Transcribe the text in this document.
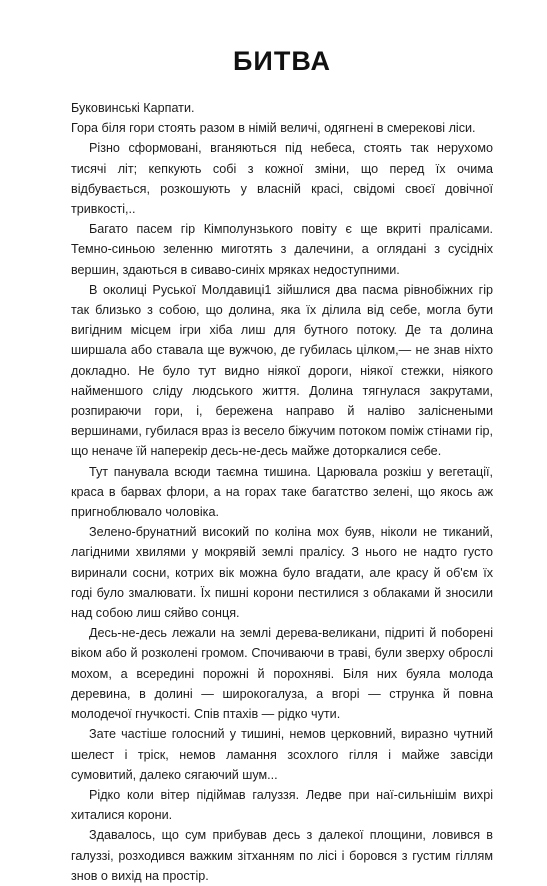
БИТВА

Буковинські Карпати.

Гора біля гори стоять разом в німій величі, одягнені в смерекові ліси.

Різно сформовані, вганяються під небеса, стоять так нерухомо тисячі літ; кепкують собі з кожної зміни, що перед їх очима відбувається, розкошують у власній красі, свідомі своєї довічної тривкості,..

Багато пасем гір Кімполунзького повіту є ще вкриті пралісами. Темно-синьою зеленню миготять з далечини, а оглядані з сусідніх вершин, здаються в сиваво-синіх мряках недоступними.

В околиці Руської Молдавиці1 зійшлися два пасма рівнобіжних гір так близько з собою, що долина, яка їх ділила від себе, могла бути вигідним місцем ігри хіба лиш для бутного потоку. Де та долина ширшала або ставала ще вужчою, де губилась цілком,— не знав ніхто докладно. Не було тут видно ніякої дороги, ніякої стежки, ніякого найменшого сліду людського життя. Долина тягнулася закрутами, розпираючи гори, і, бережена направо й наліво заліснеными вершинами, губилася враз із весело біжучим потоком поміж стінами гір, що неначе їй наперекір десь-не-десь майже доторкалися себе.

Тут панувала всюди таємна тишина. Царювала розкіш у вегетації, краса в барвах флори, а на горах таке багатство зелені, що якось аж пригноблювало чоловіка.

Зелено-брунатний високий по коліна мох буяв, ніколи не тиканий, лагідними хвилями у мокрявій землі пралісу. З нього не надто густо виринали сосни, котрих вік можна було вгадати, але красу й об'єм їх годі було змалювати. Їх пишні корони пестилися з облаками й зносили над собою лиш сяйво сонця.

Десь-не-десь лежали на землі дерева-великани, підриті й поборені віком або й розколені громом. Спочиваючи в траві, були зверху оброслі мохом, а всередині порожні й порохняві. Біля них буяла молода деревина, в долині — широкогалуза, а вгорі — струнка й повна молодечої гнучкості. Спів птахів — рідко чути.

Зате частіше голосний у тишині, немов церковний, виразно чутний шелест і тріск, немов ламання зсохлого гілля і майже завсіди сумовитий, далеко сягаючий шум...

Рідко коли вітер підіймав галуззя. Ледве при наї-сильнішім вихрі хиталися корони.

Здавалось, що сум прибував десь з далекої площини, ловився в галуззі, розходився важким зітханням по лісі і боровся з густим гіллям знов о вихід на простір.
